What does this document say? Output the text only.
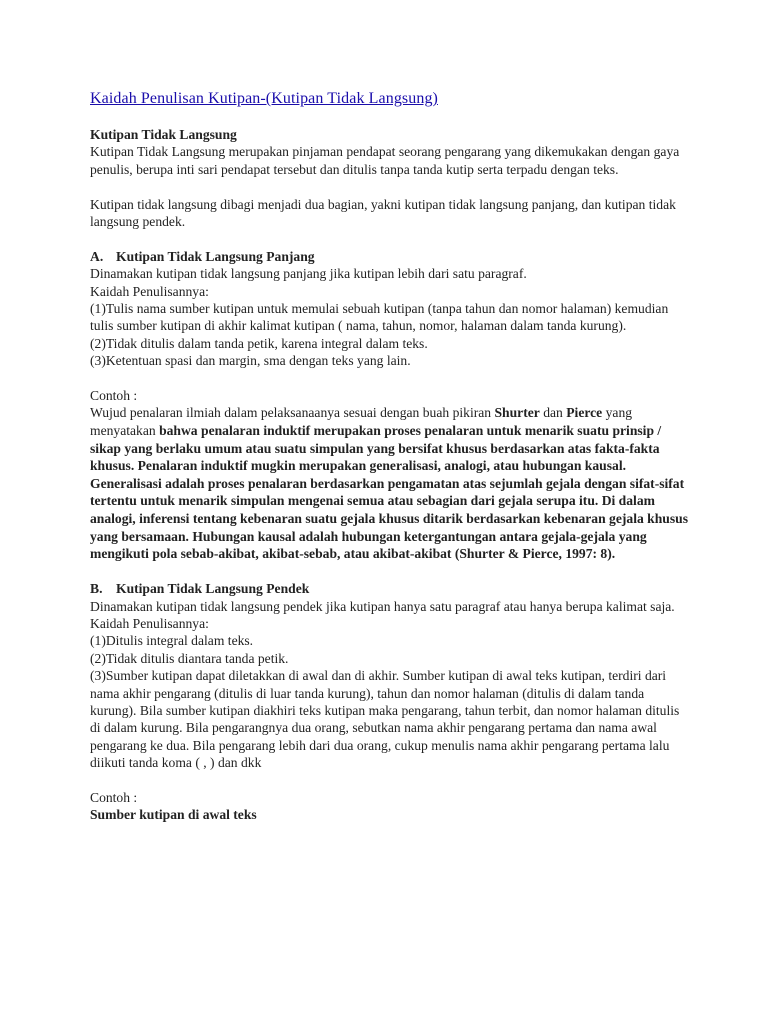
Kaidah Penulisan Kutipan-(Kutipan Tidak Langsung)

Kutipan Tidak Langsung

Kutipan Tidak Langsung merupakan pinjaman pendapat seorang pengarang yang dikemukakan dengan gaya penulis, berupa inti sari pendapat tersebut dan ditulis tanpa tanda kutip serta terpadu dengan teks.

Kutipan tidak langsung dibagi menjadi dua bagian, yakni kutipan tidak langsung panjang, dan kutipan tidak langsung pendek.

A. Kutipan Tidak Langsung Panjang

Dinamakan kutipan tidak langsung panjang jika kutipan lebih dari satu paragraf.

Kaidah Penulisannya:

(1)Tulis nama sumber kutipan untuk memulai sebuah kutipan (tanpa tahun dan nomor halaman) kemudian tulis sumber kutipan di akhir kalimat kutipan ( nama, tahun, nomor, halaman dalam tanda kurung).

(2)Tidak ditulis dalam tanda petik, karena integral dalam teks.

(3)Ketentuan spasi dan margin, sma dengan teks yang lain.

Contoh :

Wujud penalaran ilmiah dalam pelaksanaanya sesuai dengan buah pikiran Shurter dan Pierce yang menyatakan bahwa penalaran induktif merupakan proses penalaran untuk menarik suatu prinsip / sikap yang berlaku umum atau suatu simpulan yang bersifat khusus berdasarkan atas fakta-fakta khusus. Penalaran induktif mugkin merupakan generalisasi, analogi, atau hubungan kausal. Generalisasi adalah proses penalaran berdasarkan pengamatan atas sejumlah gejala dengan sifat-sifat tertentu untuk menarik simpulan mengenai semua atau sebagian dari gejala serupa itu. Di dalam analogi, inferensi tentang kebenaran suatu gejala khusus ditarik berdasarkan kebenaran gejala khusus yang bersamaan. Hubungan kausal adalah hubungan ketergantungan antara gejala-gejala yang mengikuti pola sebab-akibat, akibat-sebab, atau akibat-akibat (Shurter & Pierce, 1997: 8).

B. Kutipan Tidak Langsung Pendek

Dinamakan kutipan tidak langsung pendek jika kutipan hanya satu paragraf atau hanya berupa kalimat saja.

Kaidah Penulisannya:

(1)Ditulis integral dalam teks.

(2)Tidak ditulis diantara tanda petik.

(3)Sumber kutipan dapat diletakkan di awal dan di akhir. Sumber kutipan di awal teks kutipan, terdiri dari nama akhir pengarang (ditulis di luar tanda kurung), tahun dan nomor halaman (ditulis di dalam tanda kurung). Bila sumber kutipan diakhiri teks kutipan maka pengarang, tahun terbit, dan nomor halaman ditulis di dalam kurung. Bila pengarangnya dua orang, sebutkan nama akhir pengarang pertama dan nama awal pengarang ke dua. Bila pengarang lebih dari dua orang, cukup menulis nama akhir pengarang pertama lalu diikuti tanda koma ( , ) dan dkk

Contoh :

Sumber kutipan di awal teks
